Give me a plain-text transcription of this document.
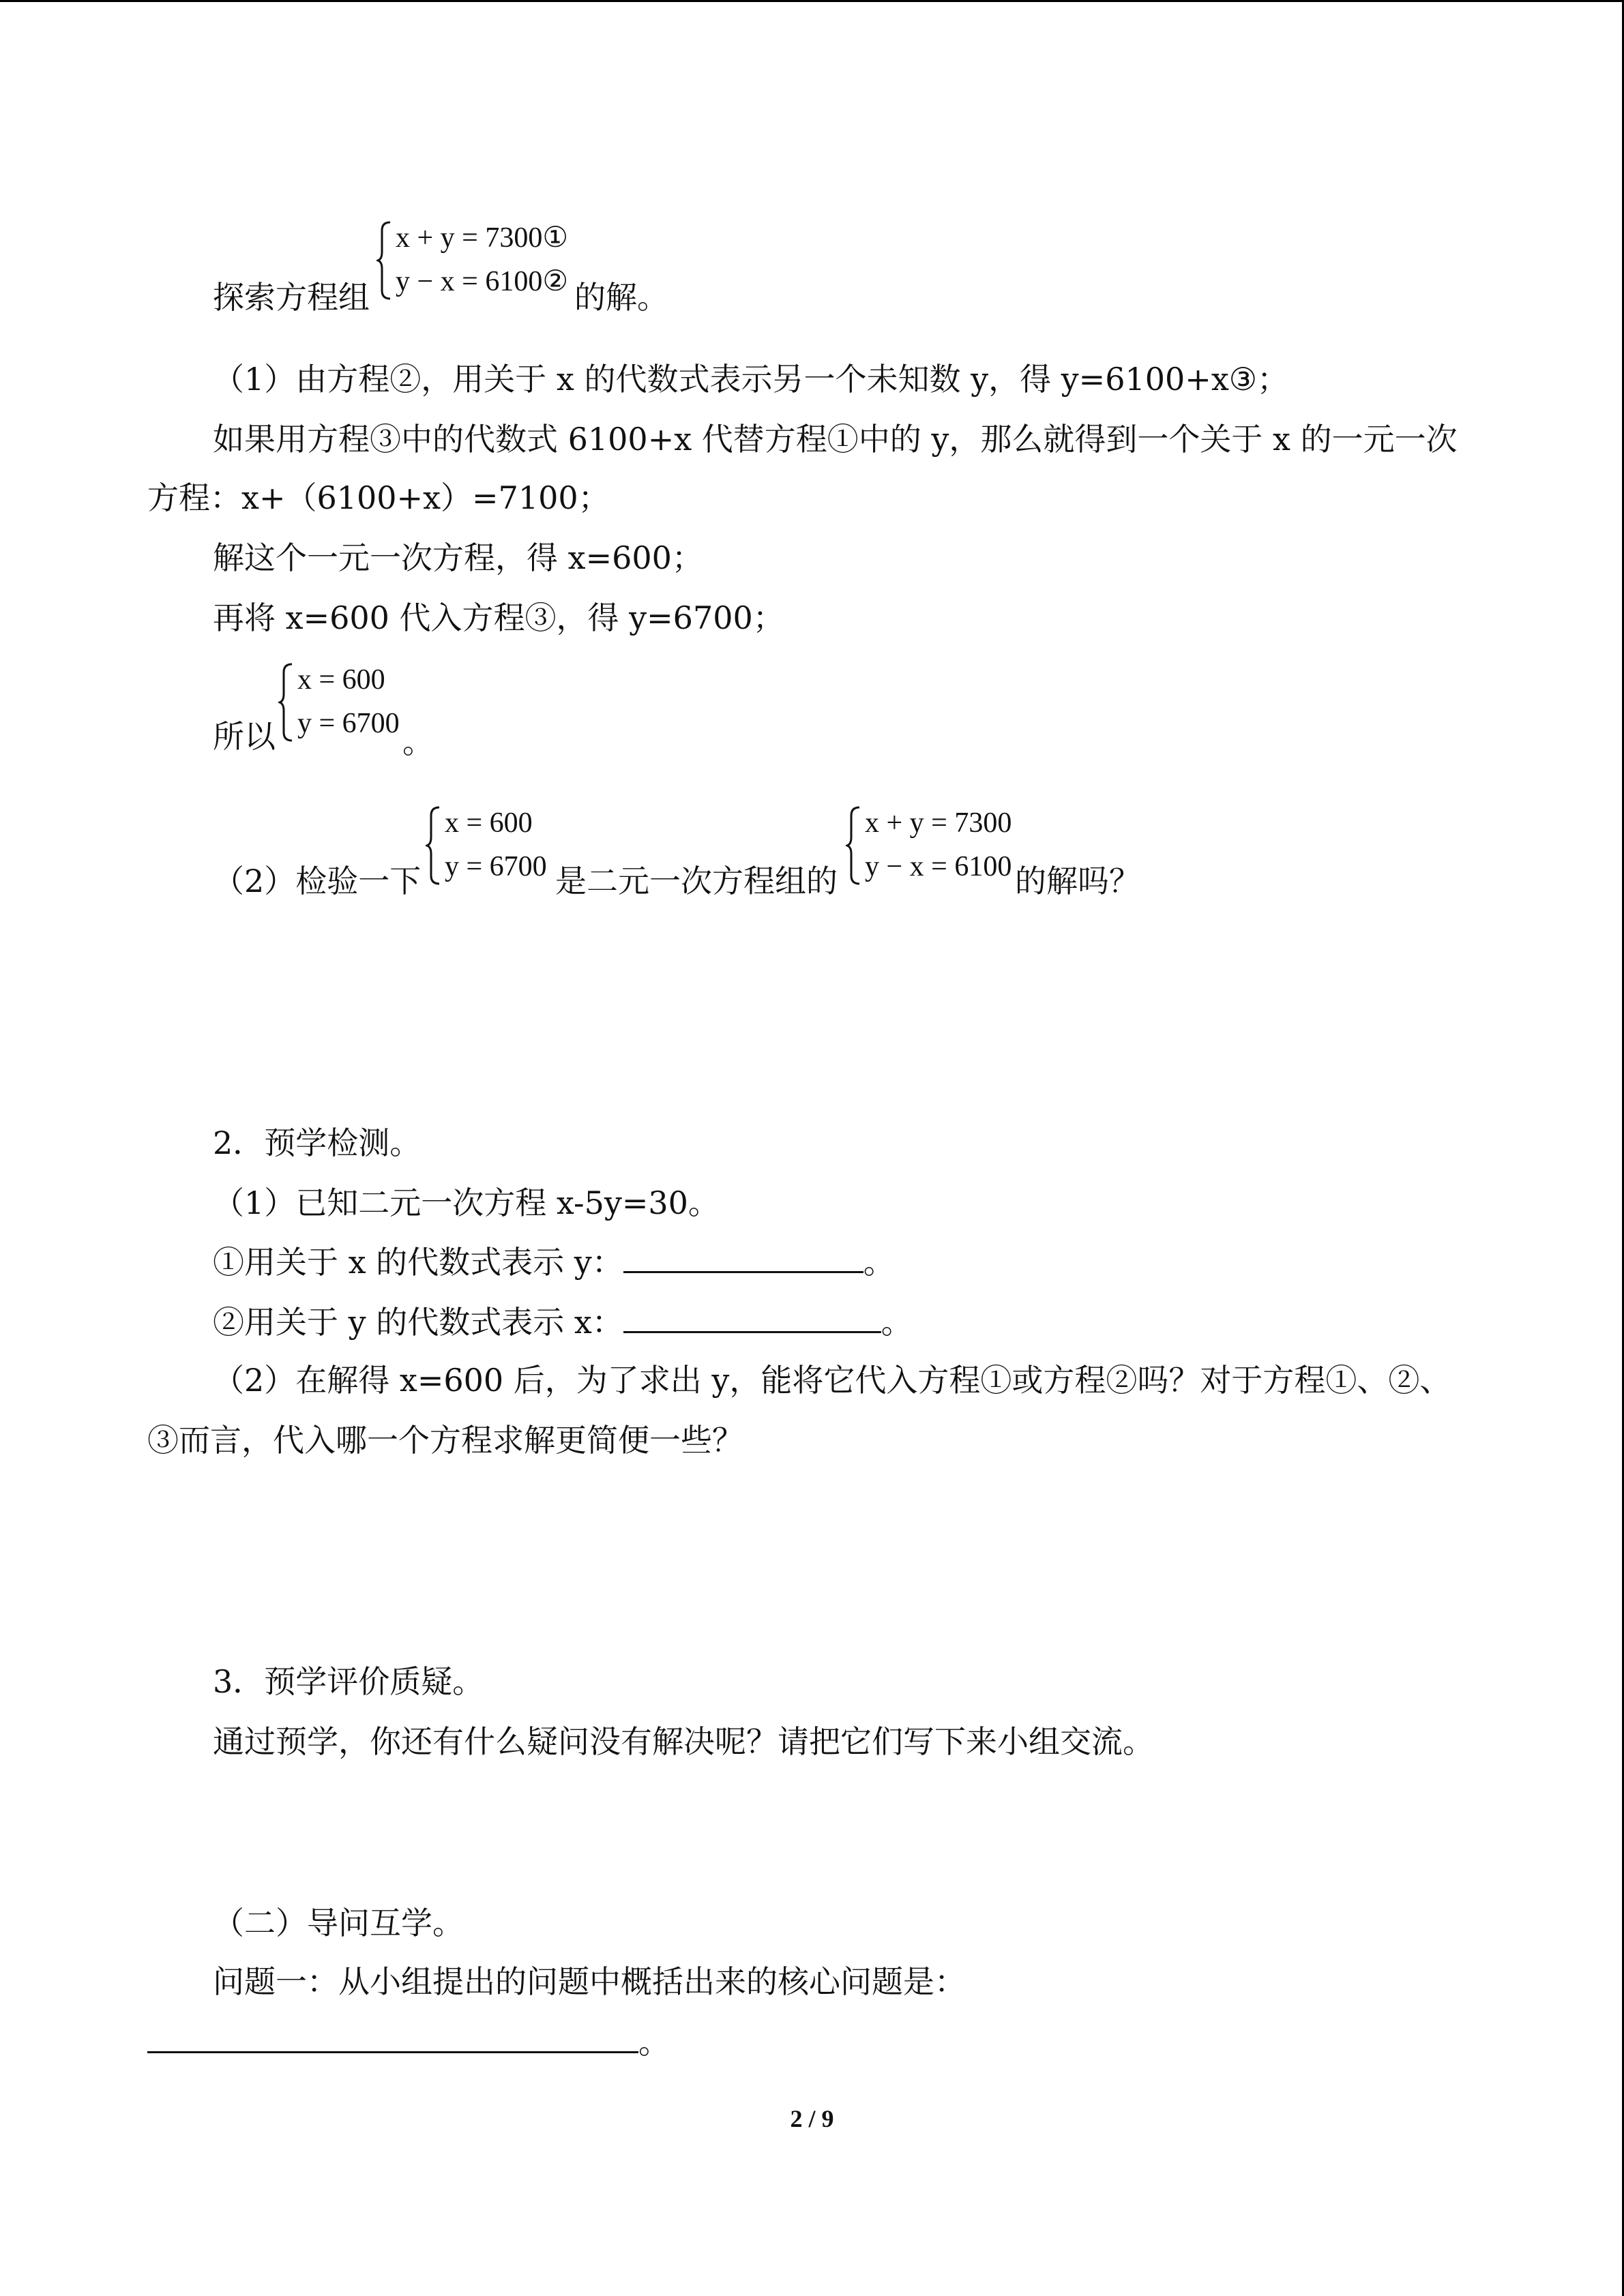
探索方程组
x + y = 7300①
y − x = 6100② 的解。
（1）由方程②，用关于 x 的代数式表示另一个未知数 y，得 y=6100+x③；
如果用方程③中的代数式 6100+x 代替方程①中的 y，那么就得到一个关于 x 的一元一次
方程：x+（6100+x）=7100；
解这个一元一次方程，得 x=600；
再将 x=600 代入方程③，得 y=6700；
所以
x = 600
y = 6700 。
（2）检验一下
x = 600
y = 6700 是二元一次方程组的
x + y = 7300
y − x = 6100 的解吗？
2．预学检测。
（1）已知二元一次方程 x-5y=30。
①用关于 x 的代数式表示 y：	。
②用关于 y 的代数式表示 x：	。
（2）在解得 x=600 后，为了求出 y，能将它代入方程①或方程②吗？对于方程①、②、
③而言，代入哪一个方程求解更简便一些？
3．预学评价质疑。
通过预学，你还有什么疑问没有解决呢？请把它们写下来小组交流。
（二）导问互学。
问题一：从小组提出的问题中概括出来的核心问题是：
。
2 / 9
